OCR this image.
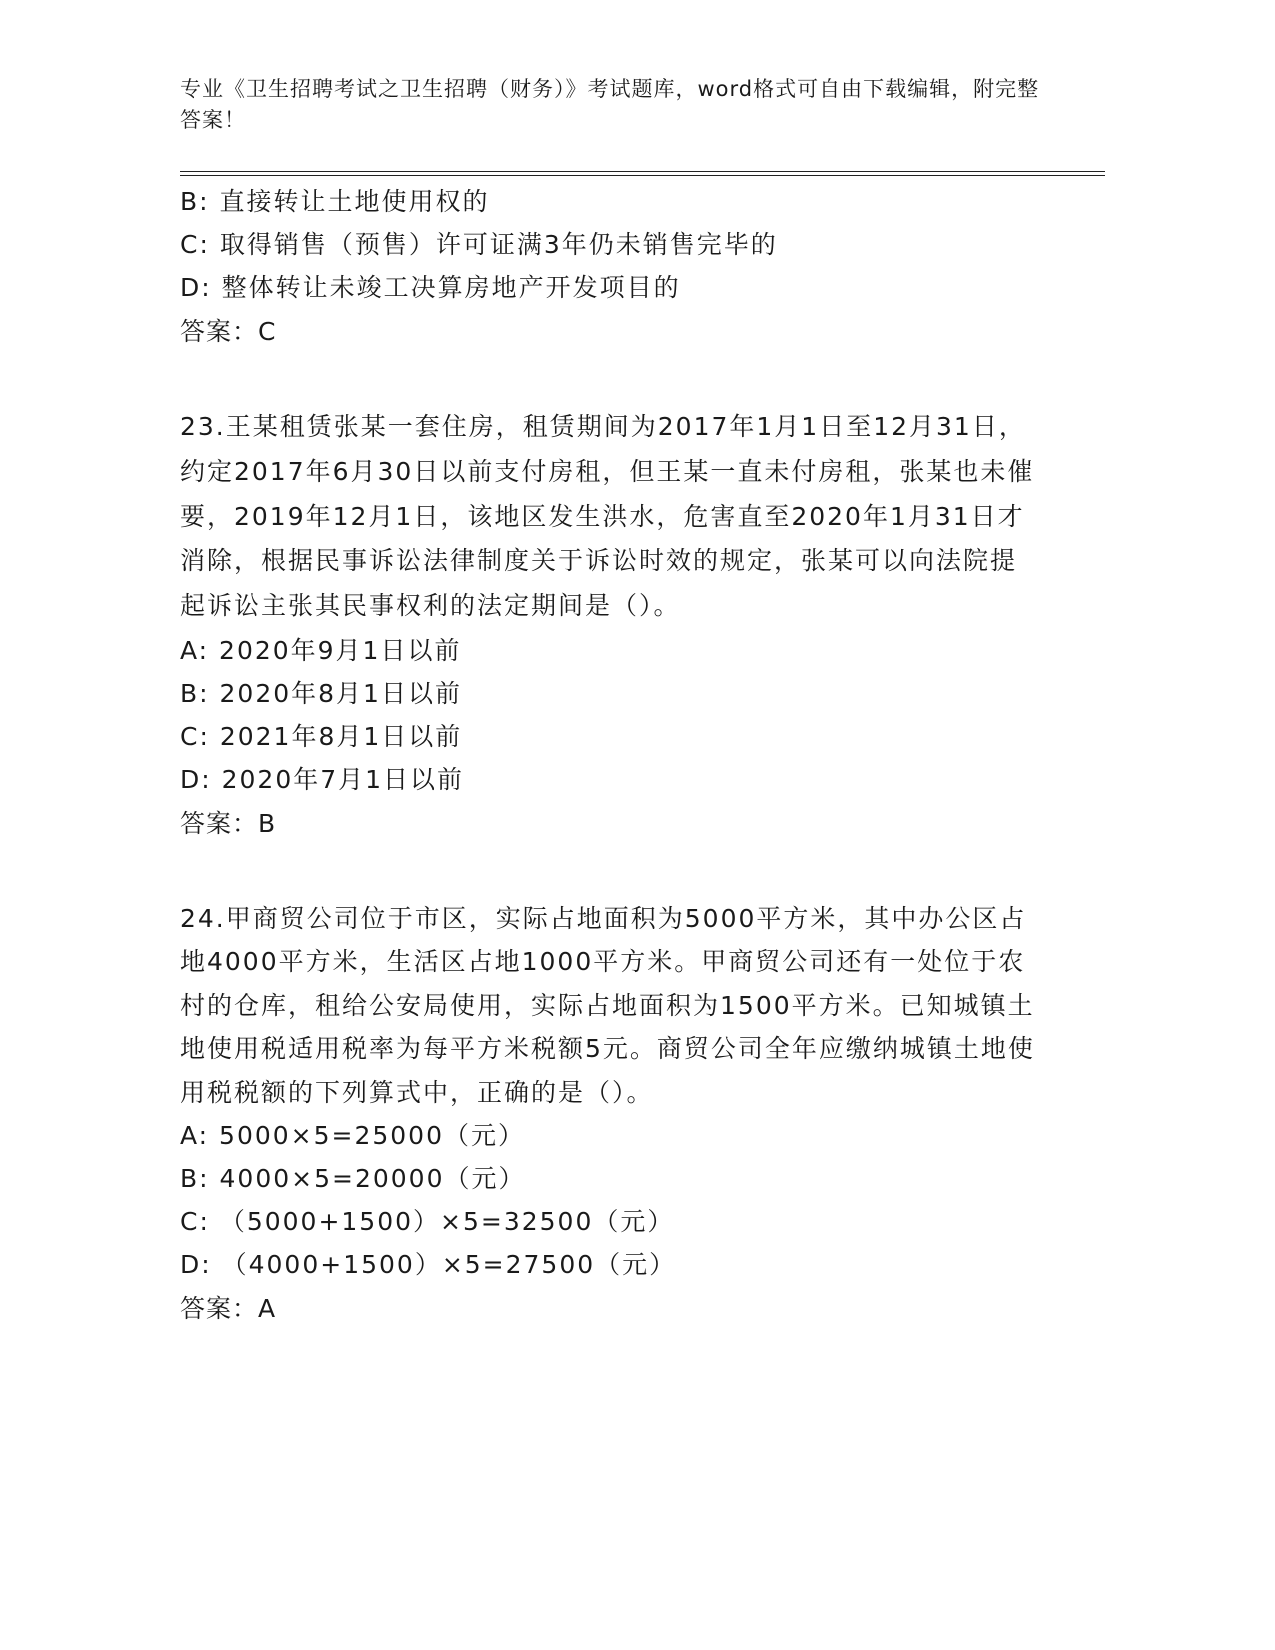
专业《卫生招聘考试之卫生招聘（财务）》考试题库，word格式可自由下载编辑，附完整答案！
B: 直接转让土地使用权的
C: 取得销售（预售）许可证满3年仍未销售完毕的
D: 整体转让未竣工决算房地产开发项目的
答案：C
23.王某租赁张某一套住房，租赁期间为2017年1月1日至12月31日，约定2017年6月30日以前支付房租，但王某一直未付房租，张某也未催要，2019年12月1日，该地区发生洪水，危害直至2020年1月31日才消除，根据民事诉讼法律制度关于诉讼时效的规定，张某可以向法院提起诉讼主张其民事权利的法定期间是（）。
A: 2020年9月1日以前
B: 2020年8月1日以前
C: 2021年8月1日以前
D: 2020年7月1日以前
答案：B
24.甲商贸公司位于市区，实际占地面积为5000平方米，其中办公区占地4000平方米，生活区占地1000平方米。甲商贸公司还有一处位于农村的仓库，租给公安局使用，实际占地面积为1500平方米。已知城镇土地使用税适用税率为每平方米税额5元。商贸公司全年应缴纳城镇土地使用税税额的下列算式中，正确的是（）。
A: 5000×5=25000（元）
B: 4000×5=20000（元）
C: （5000+1500）×5=32500（元）
D: （4000+1500）×5=27500（元）
答案：A
